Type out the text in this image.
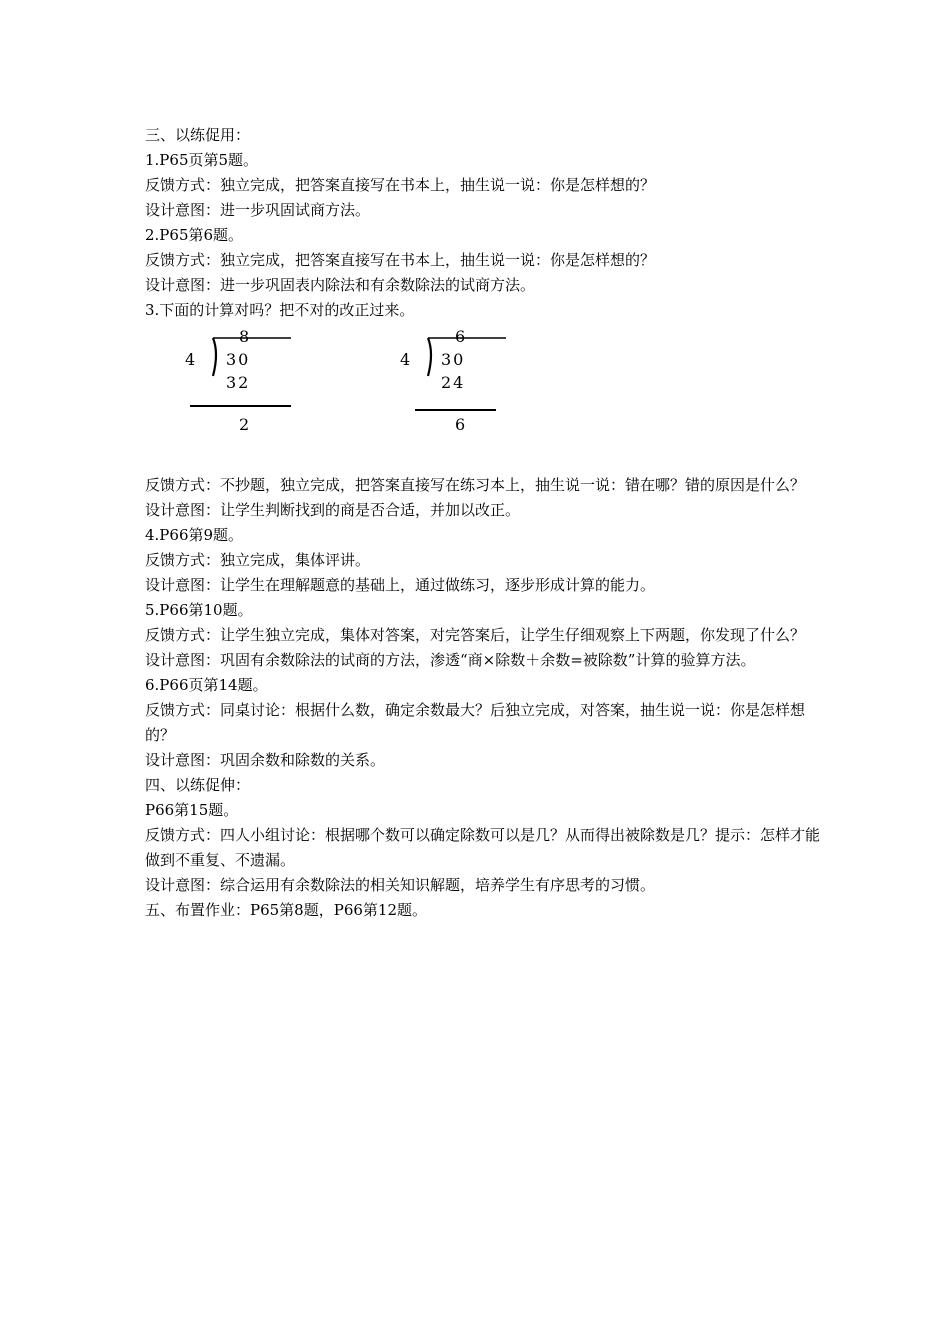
三、以练促用：

1.P65页第5题。

反馈方式：独立完成，把答案直接写在书本上，抽生说一说：你是怎样想的？

设计意图：进一步巩固试商方法。

2.P65第6题。

反馈方式：独立完成，把答案直接写在书本上，抽生说一说：你是怎样想的？

设计意图：进一步巩固表内除法和有余数除法的试商方法。

3.下面的计算对吗？把不对的改正过来。

4
8
30
32
2
4
6
30
24
6

反馈方式：不抄题，独立完成，把答案直接写在练习本上，抽生说一说：错在哪？错的原因是什么？

设计意图：让学生判断找到的商是否合适，并加以改正。

4.P66第9题。

反馈方式：独立完成，集体评讲。

设计意图：让学生在理解题意的基础上，通过做练习，逐步形成计算的能力。

5.P66第10题。

反馈方式：让学生独立完成，集体对答案，对完答案后，让学生仔细观察上下两题，你发现了什么？

设计意图：巩固有余数除法的试商的方法，渗透“商×除数＋余数=被除数”计算的验算方法。

6.P66页第14题。

反馈方式：同桌讨论：根据什么数，确定余数最大？后独立完成，对答案，抽生说一说：你是怎样想的？

设计意图：巩固余数和除数的关系。

四、以练促伸：

P66第15题。

反馈方式：四人小组讨论：根据哪个数可以确定除数可以是几？从而得出被除数是几？提示：怎样才能做到不重复、不遗漏。

设计意图：综合运用有余数除法的相关知识解题，培养学生有序思考的习惯。

五、布置作业：P65第8题，P66第12题。
